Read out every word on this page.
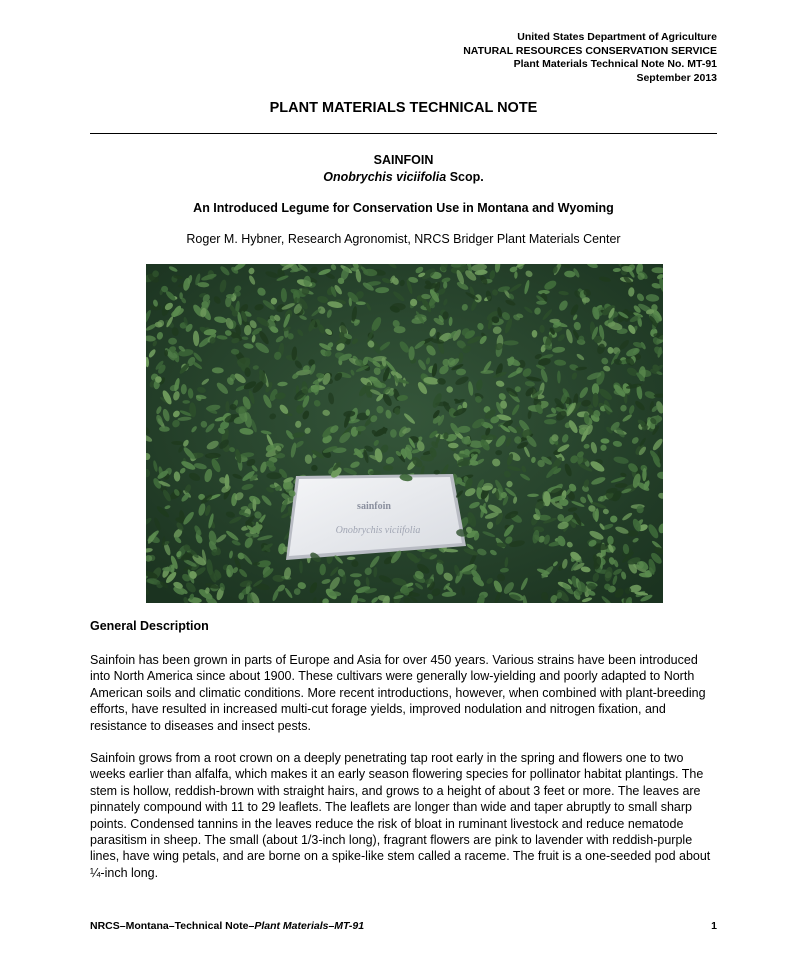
United States Department of Agriculture
NATURAL RESOURCES CONSERVATION SERVICE
Plant Materials Technical Note No. MT-91
September 2013
PLANT MATERIALS TECHNICAL NOTE
SAINFOIN
Onobrychis viciifolia Scop.
An Introduced Legume for Conservation Use in Montana and Wyoming
Roger M. Hybner, Research Agronomist, NRCS Bridger Plant Materials Center
sainfoin
Onobrychis viciifolia
General Description
Sainfoin has been grown in parts of Europe and Asia for over 450 years. Various strains have been introduced into North America since about 1900. These cultivars were generally low-yielding and poorly adapted to North American soils and climatic conditions. More recent introductions, however, when combined with plant-breeding efforts, have resulted in increased multi-cut forage yields, improved nodulation and nitrogen fixation, and resistance to diseases and insect pests.
Sainfoin grows from a root crown on a deeply penetrating tap root early in the spring and flowers one to two weeks earlier than alfalfa, which makes it an early season flowering species for pollinator habitat plantings. The stem is hollow, reddish-brown with straight hairs, and grows to a height of about 3 feet or more. The leaves are pinnately compound with 11 to 29 leaflets. The leaflets are longer than wide and taper abruptly to small sharp points. Condensed tannins in the leaves reduce the risk of bloat in ruminant livestock and reduce nematode parasitism in sheep. The small (about 1/3-inch long), fragrant flowers are pink to lavender with reddish-purple lines, have wing petals, and are borne on a spike-like stem called a raceme. The fruit is a one-seeded pod about ¼-inch long.
NRCS–Montana–Technical Note–Plant Materials–MT-91	1
